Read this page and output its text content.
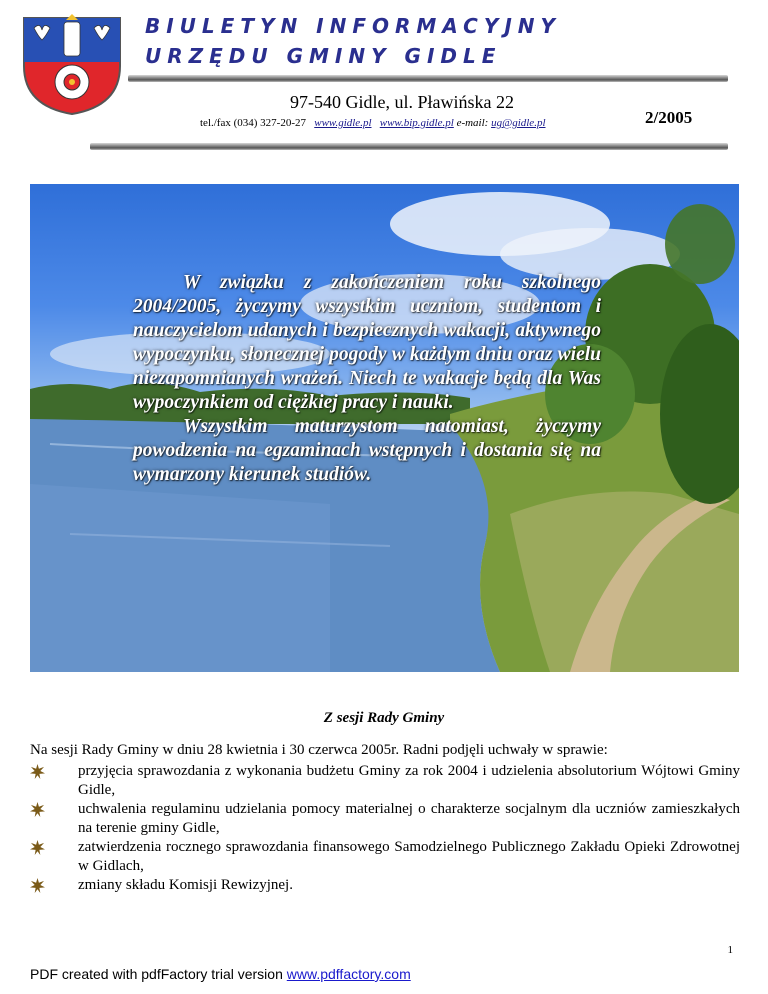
BIULETYN INFORMACYJNY
URZĘDU GMINY GIDLE
97-540 Gidle, ul. Pławińska 22
tel./fax (034) 327-20-27 www.gidle.pl www.bip.gidle.pl e-mail: ug@gidle.pl	2/2005

W związku z zakończeniem roku szkolnego 2004/2005, życzymy wszystkim uczniom, studentom i nauczycielom udanych i bezpiecznych wakacji, aktywnego wypoczynku, słonecznej pogody w każdym dniu oraz wielu niezapomnianych wrażeń. Niech te wakacje będą dla Was wypoczynkiem od ciężkiej pracy i nauki.

Wszystkim maturzystom natomiast, życzymy powodzenia na egzaminach wstępnych i dostania się na wymarzony kierunek studiów.

Z sesji Rady Gminy
Na sesji Rady Gminy w dniu 28 kwietnia i 30 czerwca 2005r. Radni podjęli uchwały w sprawie:
przyjęcia sprawozdania z wykonania budżetu Gminy za rok 2004 i udzielenia absolutorium Wójtowi Gminy Gidle,
uchwalenia regulaminu udzielania pomocy materialnej o charakterze socjalnym dla uczniów zamieszkałych na terenie gminy Gidle,
zatwierdzenia rocznego sprawozdania finansowego Samodzielnego Publicznego Zakładu Opieki Zdrowotnej w Gidlach,
zmiany składu Komisji Rewizyjnej.
1
PDF created with pdfFactory trial version www.pdffactory.com
